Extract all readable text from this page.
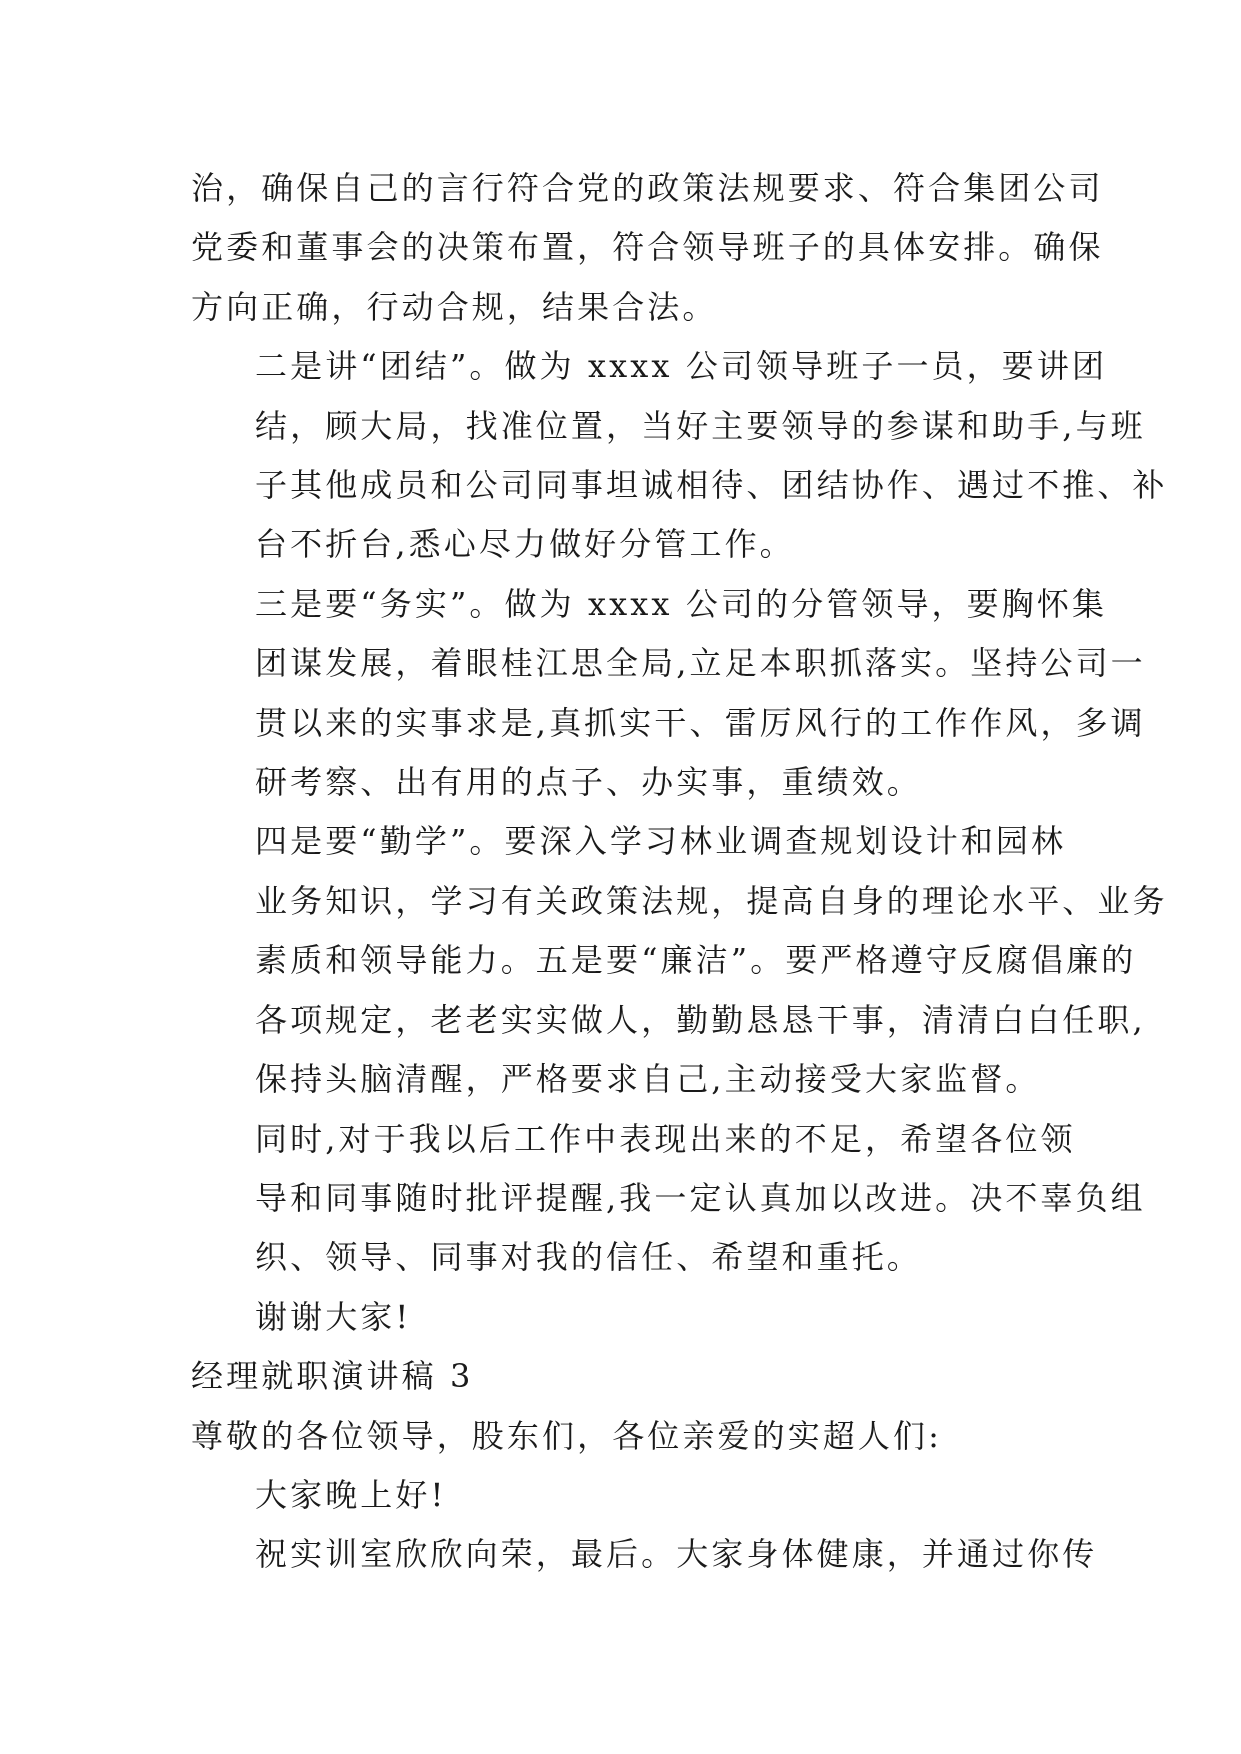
治，确保自己的言行符合党的政策法规要求、符合集团公司
党委和董事会的决策布置，符合领导班子的具体安排。确保
方向正确，行动合规，结果合法。

二是讲“团结”。做为 xxxx 公司领导班子一员，要讲团
结，顾大局，找准位置，当好主要领导的参谋和助手,与班
子其他成员和公司同事坦诚相待、团结协作、遇过不推、补
台不折台,悉心尽力做好分管工作。

三是要“务实”。做为 xxxx 公司的分管领导，要胸怀集
团谋发展，着眼桂江思全局,立足本职抓落实。坚持公司一
贯以来的实事求是,真抓实干、雷厉风行的工作作风，多调
研考察、出有用的点子、办实事，重绩效。

四是要“勤学”。要深入学习林业调查规划设计和园林
业务知识，学习有关政策法规，提高自身的理论水平、业务
素质和领导能力。五是要“廉洁”。要严格遵守反腐倡廉的
各项规定，老老实实做人，勤勤恳恳干事，清清白白任职,
保持头脑清醒，严格要求自己,主动接受大家监督。

同时,对于我以后工作中表现出来的不足，希望各位领
导和同事随时批评提醒,我一定认真加以改进。决不辜负组
织、领导、同事对我的信任、希望和重托。

谢谢大家!

经理就职演讲稿 3

尊敬的各位领导，股东们，各位亲爱的实超人们:

大家晚上好!

祝实训室欣欣向荣，最后。大家身体健康，并通过你传
